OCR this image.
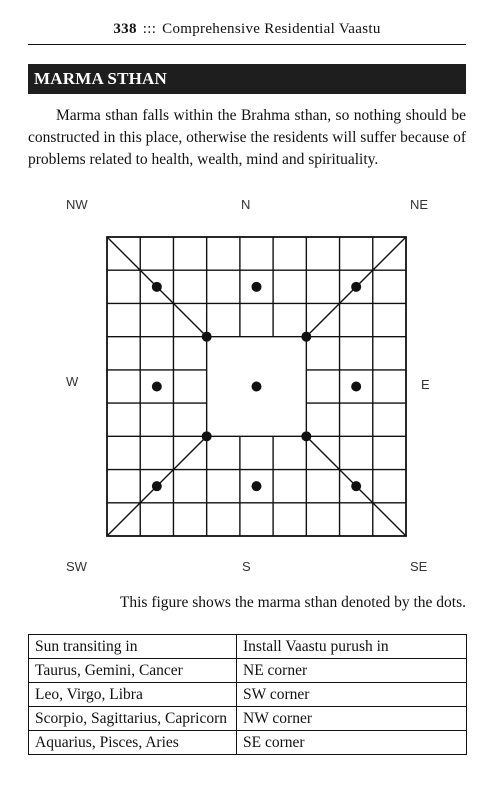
338 ::: Comprehensive Residential Vaastu
MARMA STHAN
Marma sthan falls within the Brahma sthan, so nothing should be constructed in this place, otherwise the residents will suffer because of problems related to health, wealth, mind and spirituality.
NW	N	NE
W	E
SW	S	SE
This figure shows the marma sthan denoted by the dots.
Sun transiting in	Install Vaastu purush in
Taurus, Gemini, Cancer	NE corner
Leo, Virgo, Libra	SW corner
Scorpio, Sagittarius, Capricorn	NW corner
Aquarius, Pisces, Aries	SE corner
